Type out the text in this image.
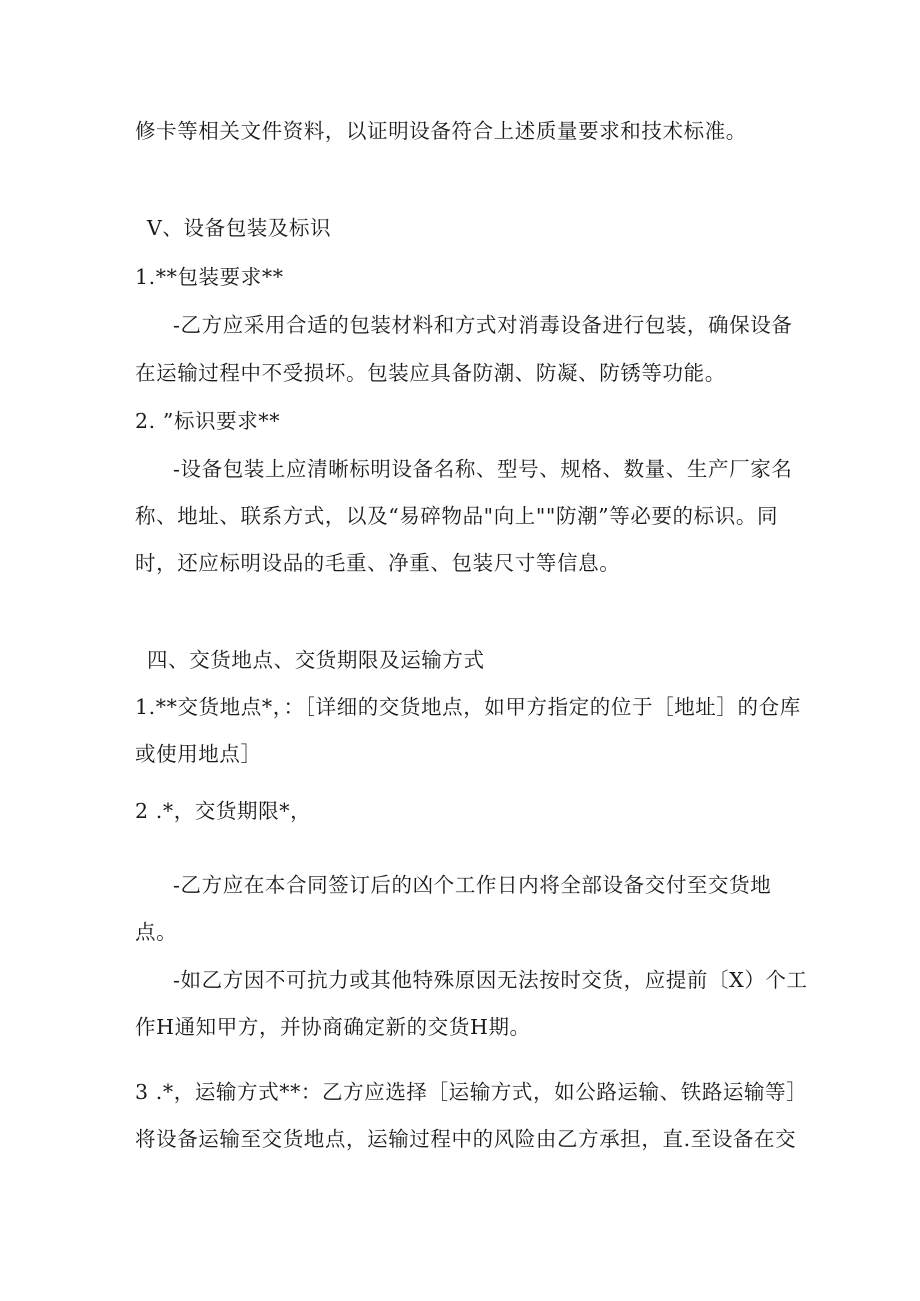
修卡等相关文件资料，以证明设备符合上述质量要求和技术标准。
V、设备包装及标识
1.**包装要求**
-乙方应采用合适的包装材料和方式对消毒设备进行包装，确保设备
在运输过程中不受损坏。包装应具备防潮、防凝、防锈等功能。
2. ”标识要求**
-设备包装上应清晰标明设备名称、型号、规格、数量、生产厂家名
称、地址、联系方式，以及“易碎物品"向上""防潮”等必要的标识。同
时，还应标明设品的毛重、净重、包装尺寸等信息。
四、交货地点、交货期限及运输方式
1.**交货地点*，：［详细的交货地点，如甲方指定的位于［地址］的仓库
或使用地点］
2 .*，交货期限*，
-乙方应在本合同签订后的凶个工作日内将全部设备交付至交货地
点。
-如乙方因不可抗力或其他特殊原因无法按时交货，应提前〔X）个工
作H通知甲方，并协商确定新的交货H期。
3 .*，运输方式**：乙方应选择［运输方式，如公路运输、铁路运输等］
将设备运输至交货地点，运输过程中的风险由乙方承担，直.至设备在交
